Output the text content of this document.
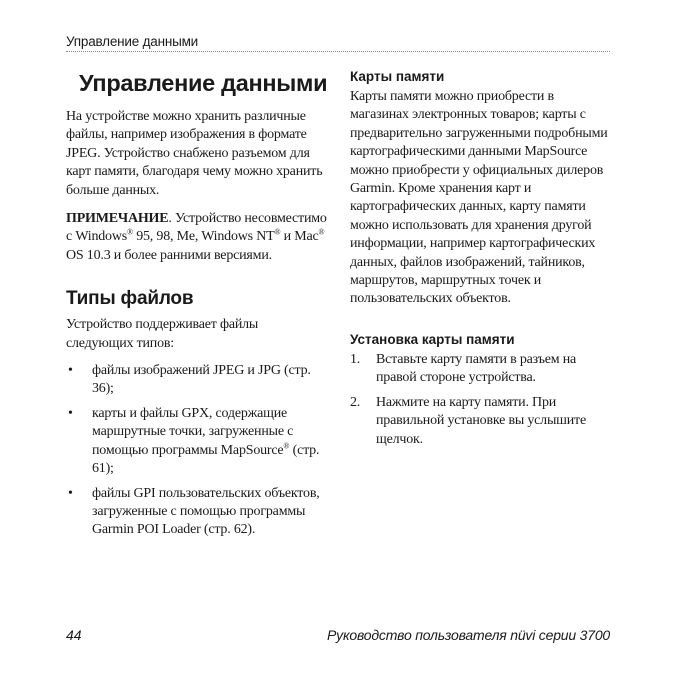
Управление данными
Управление данными

На устройстве можно хранить различные файлы, например изображения в формате JPEG. Устройство снабжено разъемом для карт памяти, благодаря чему можно хранить больше данных.

ПРИМЕЧАНИЕ. Устройство несовместимо с Windows® 95, 98, Me, Windows NT® и Mac® OS 10.3 и более ранними версиями.

Типы файлов

Устройство поддерживает файлы следующих типов:

• файлы изображений JPEG и JPG (стр. 36);
• карты и файлы GPX, содержащие маршрутные точки, загруженные с помощью программы MapSource® (стр. 61);
• файлы GPI пользовательских объектов, загруженные с помощью программы Garmin POI Loader (стр. 62).
Карты памяти

Карты памяти можно приобрести в магазинах электронных товаров; карты с предварительно загруженными подробными картографическими данными MapSource можно приобрести у официальных дилеров Garmin. Кроме хранения карт и картографических данных, карту памяти можно использовать для хранения другой информации, например картографических данных, файлов изображений, тайников, маршрутов, маршрутных точек и пользовательских объектов.

Установка карты памяти
1. Вставьте карту памяти в разъем на правой стороне устройства.
2. Нажмите на карту памяти. При правильной установке вы услышите щелчок.
44	Руководство пользователя nüvi серии 3700
